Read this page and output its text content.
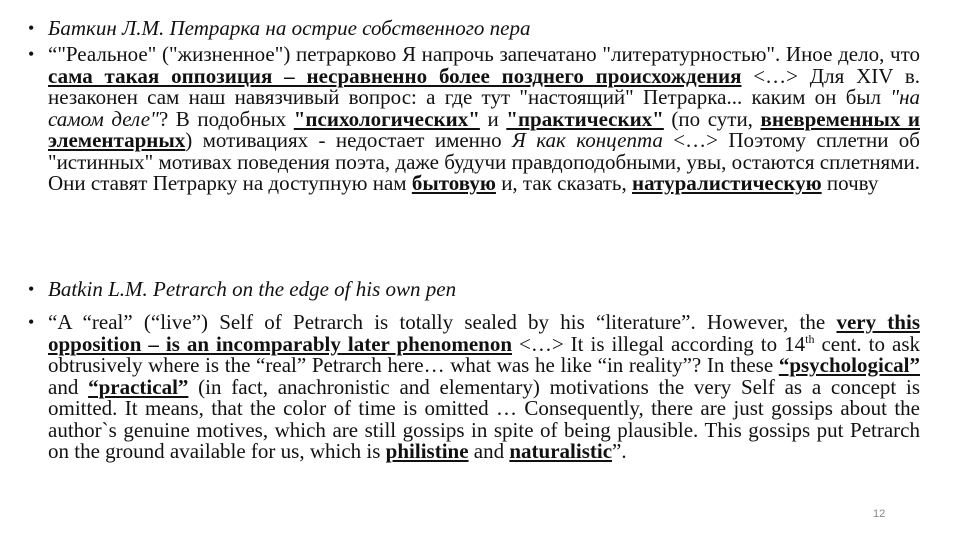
• Баткин Л.М. Петрарка на острие собственного пера
• “"Реальное" ("жизненное") петрарково Я напрочь запечатано "литературностью". Иное дело, что сама такая оппозиция – несравненно более позднего происхождения <…> Для XIV в. незаконен сам наш навязчивый вопрос: а где тут "настоящий" Петрарка... каким он был "на самом деле"? В подобных "психологических" и "практических" (по сути, вневременных и элементарных) мотивациях - недостает именно Я как концепта <…> Поэтому сплетни об "истинных" мотивах поведения поэта, даже будучи правдоподобными, увы, остаются сплетнями. Они ставят Петрарку на доступную нам бытовую и, так сказать, натуралистическую почву
• Batkin L.M. Petrarch on the edge of his own pen
• “A “real” (“live”) Self of Petrarch is totally sealed by his “literature”. However, the very this opposition – is an incomparably later phenomenon <…> It is illegal according to 14th cent. to ask obtrusively where is the “real” Petrarch here… what was he like “in reality”? In these “psychological” and “practical” (in fact, anachronistic and elementary) motivations the very Self as a concept is omitted. It means, that the color of time is omitted … Consequently, there are just gossips about the author`s genuine motives, which are still gossips in spite of being plausible. This gossips put Petrarch on the ground available for us, which is philistine and naturalistic”.
12
